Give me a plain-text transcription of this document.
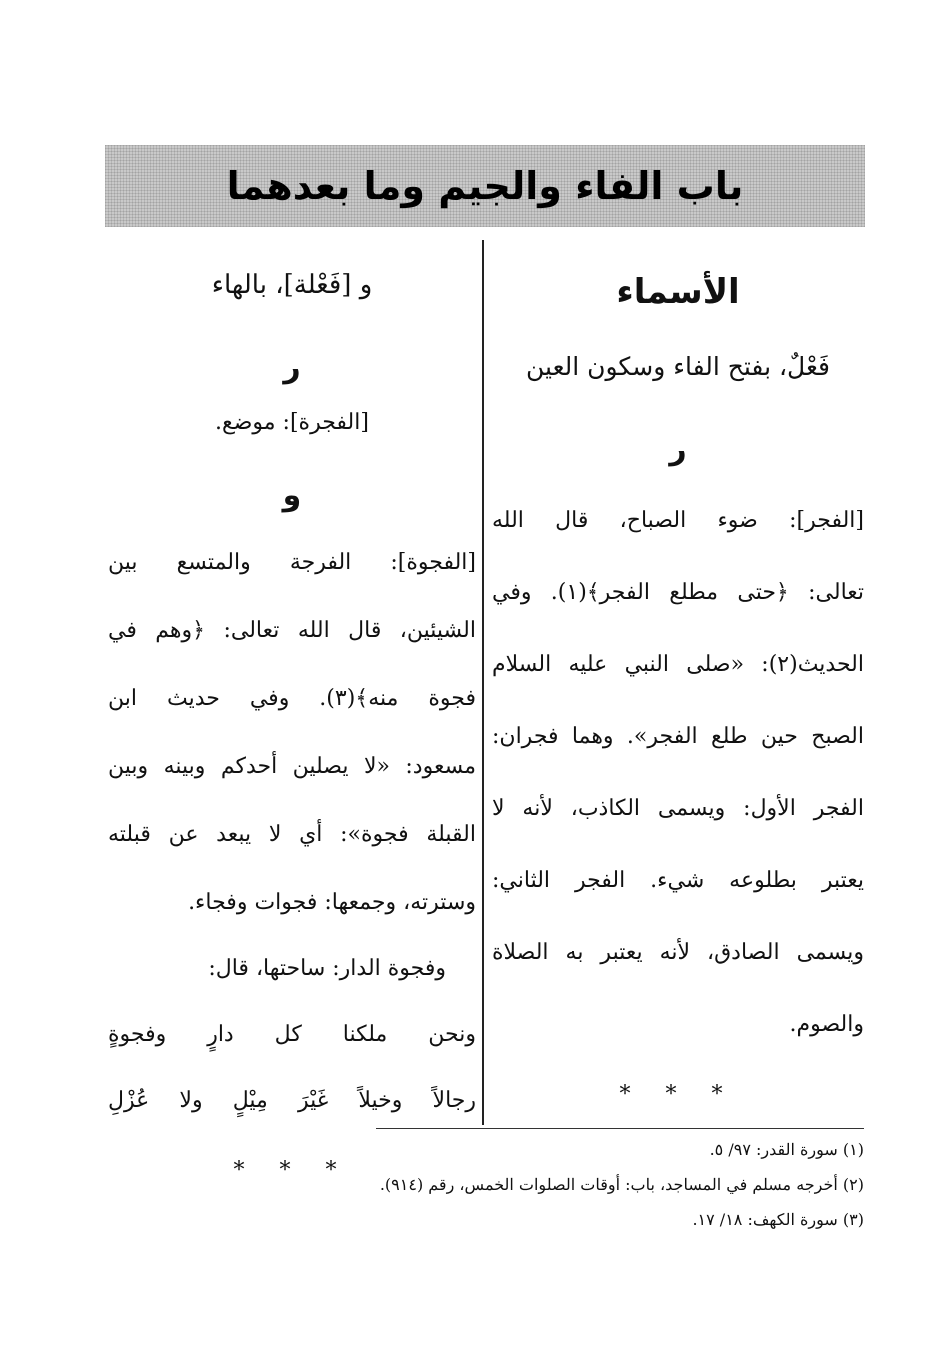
باب الفاء والجيم وما بعدهما
الأسماء
فَعْلٌ، بفتح الفاء وسكون العين
ر
[الفجر]: ضوء الصباح، قال الله
تعالى: ﴿حتى مطلع الفجر﴾(١). وفي
الحديث(٢): «صلى النبي عليه السلام
الصبح حين طلع الفجر». وهما فجران:
الفجر الأول: ويسمى الكاذب، لأنه لا
يعتبر بطلوعه شيء. الفجر الثاني:
ويسمى الصادق، لأنه يعتبر به الصلاة
والصوم.
* * *
و [فَعْلة]، بالهاء
ر
[الفجرة]: موضع.
و
[الفجوة]: الفرجة والمتسع بين
الشيئين، قال الله تعالى: ﴿وهم في
فجوة منه﴾(٣). وفي حديث ابن
مسعود: «لا يصلين أحدكم وبينه وبين
القبلة فجوة»: أي لا يبعد عن قبلته
وسترته، وجمعها: فجوات وفجاء.
وفجوة الدار: ساحتها، قال:
ونحن ملكنا كل دارٍ وفجوةٍ
رجالاً وخيلاً غَيْرَ مِيْلٍ ولا عُزْلِ
* * *
(١) سورة القدر: ٩٧/ ٥.
(٢) أخرجه مسلم في المساجد، باب: أوقات الصلوات الخمس، رقم (٩١٤).
(٣) سورة الكهف: ١٨/ ١٧.
